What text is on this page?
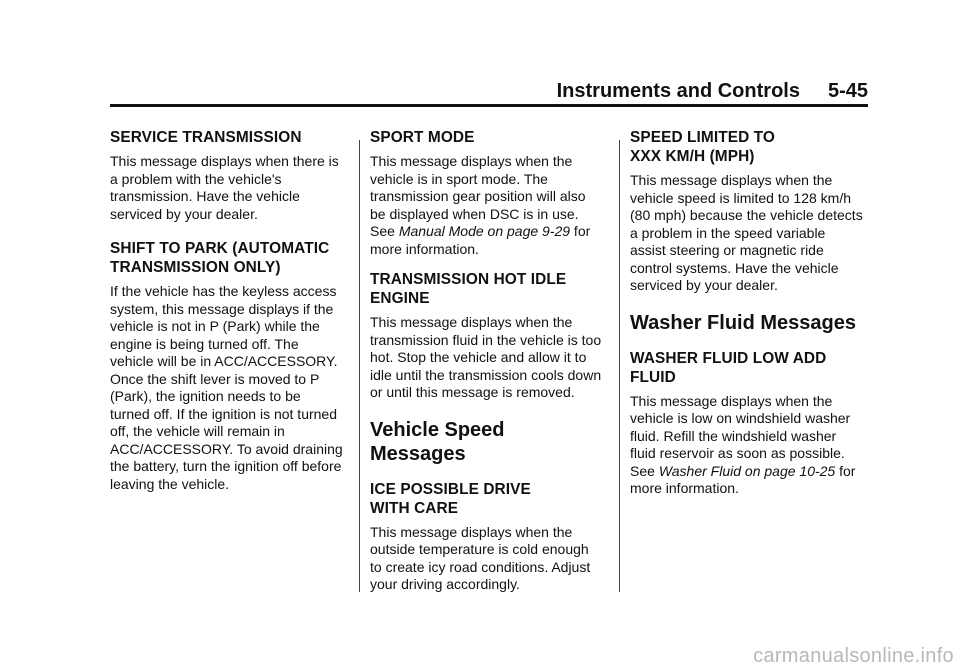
Instruments and Controls 5-45
SERVICE TRANSMISSION
This message displays when there is a problem with the vehicle's transmission. Have the vehicle serviced by your dealer.
SHIFT TO PARK (AUTOMATIC
TRANSMISSION ONLY)
If the vehicle has the keyless access system, this message displays if the vehicle is not in P (Park) while the engine is being turned off. The vehicle will be in ACC/ACCESSORY. Once the shift lever is moved to P (Park), the ignition needs to be turned off. If the ignition is not turned off, the vehicle will remain in ACC/ACCESSORY. To avoid draining the battery, turn the ignition off before leaving the vehicle.
SPORT MODE
This message displays when the vehicle is in sport mode. The transmission gear position will also be displayed when DSC is in use. See Manual Mode on page 9-29 for more information.
TRANSMISSION HOT IDLE
ENGINE
This message displays when the transmission fluid in the vehicle is too hot. Stop the vehicle and allow it to idle until the transmission cools down or until this message is removed.
Vehicle Speed Messages
ICE POSSIBLE DRIVE
WITH CARE
This message displays when the outside temperature is cold enough to create icy road conditions. Adjust your driving accordingly.
SPEED LIMITED TO
XXX KM/H (MPH)
This message displays when the vehicle speed is limited to 128 km/h (80 mph) because the vehicle detects a problem in the speed variable assist steering or magnetic ride control systems. Have the vehicle serviced by your dealer.
Washer Fluid Messages
WASHER FLUID LOW ADD
FLUID
This message displays when the vehicle is low on windshield washer fluid. Refill the windshield washer fluid reservoir as soon as possible. See Washer Fluid on page 10-25 for more information.
carmanualsonline.info
